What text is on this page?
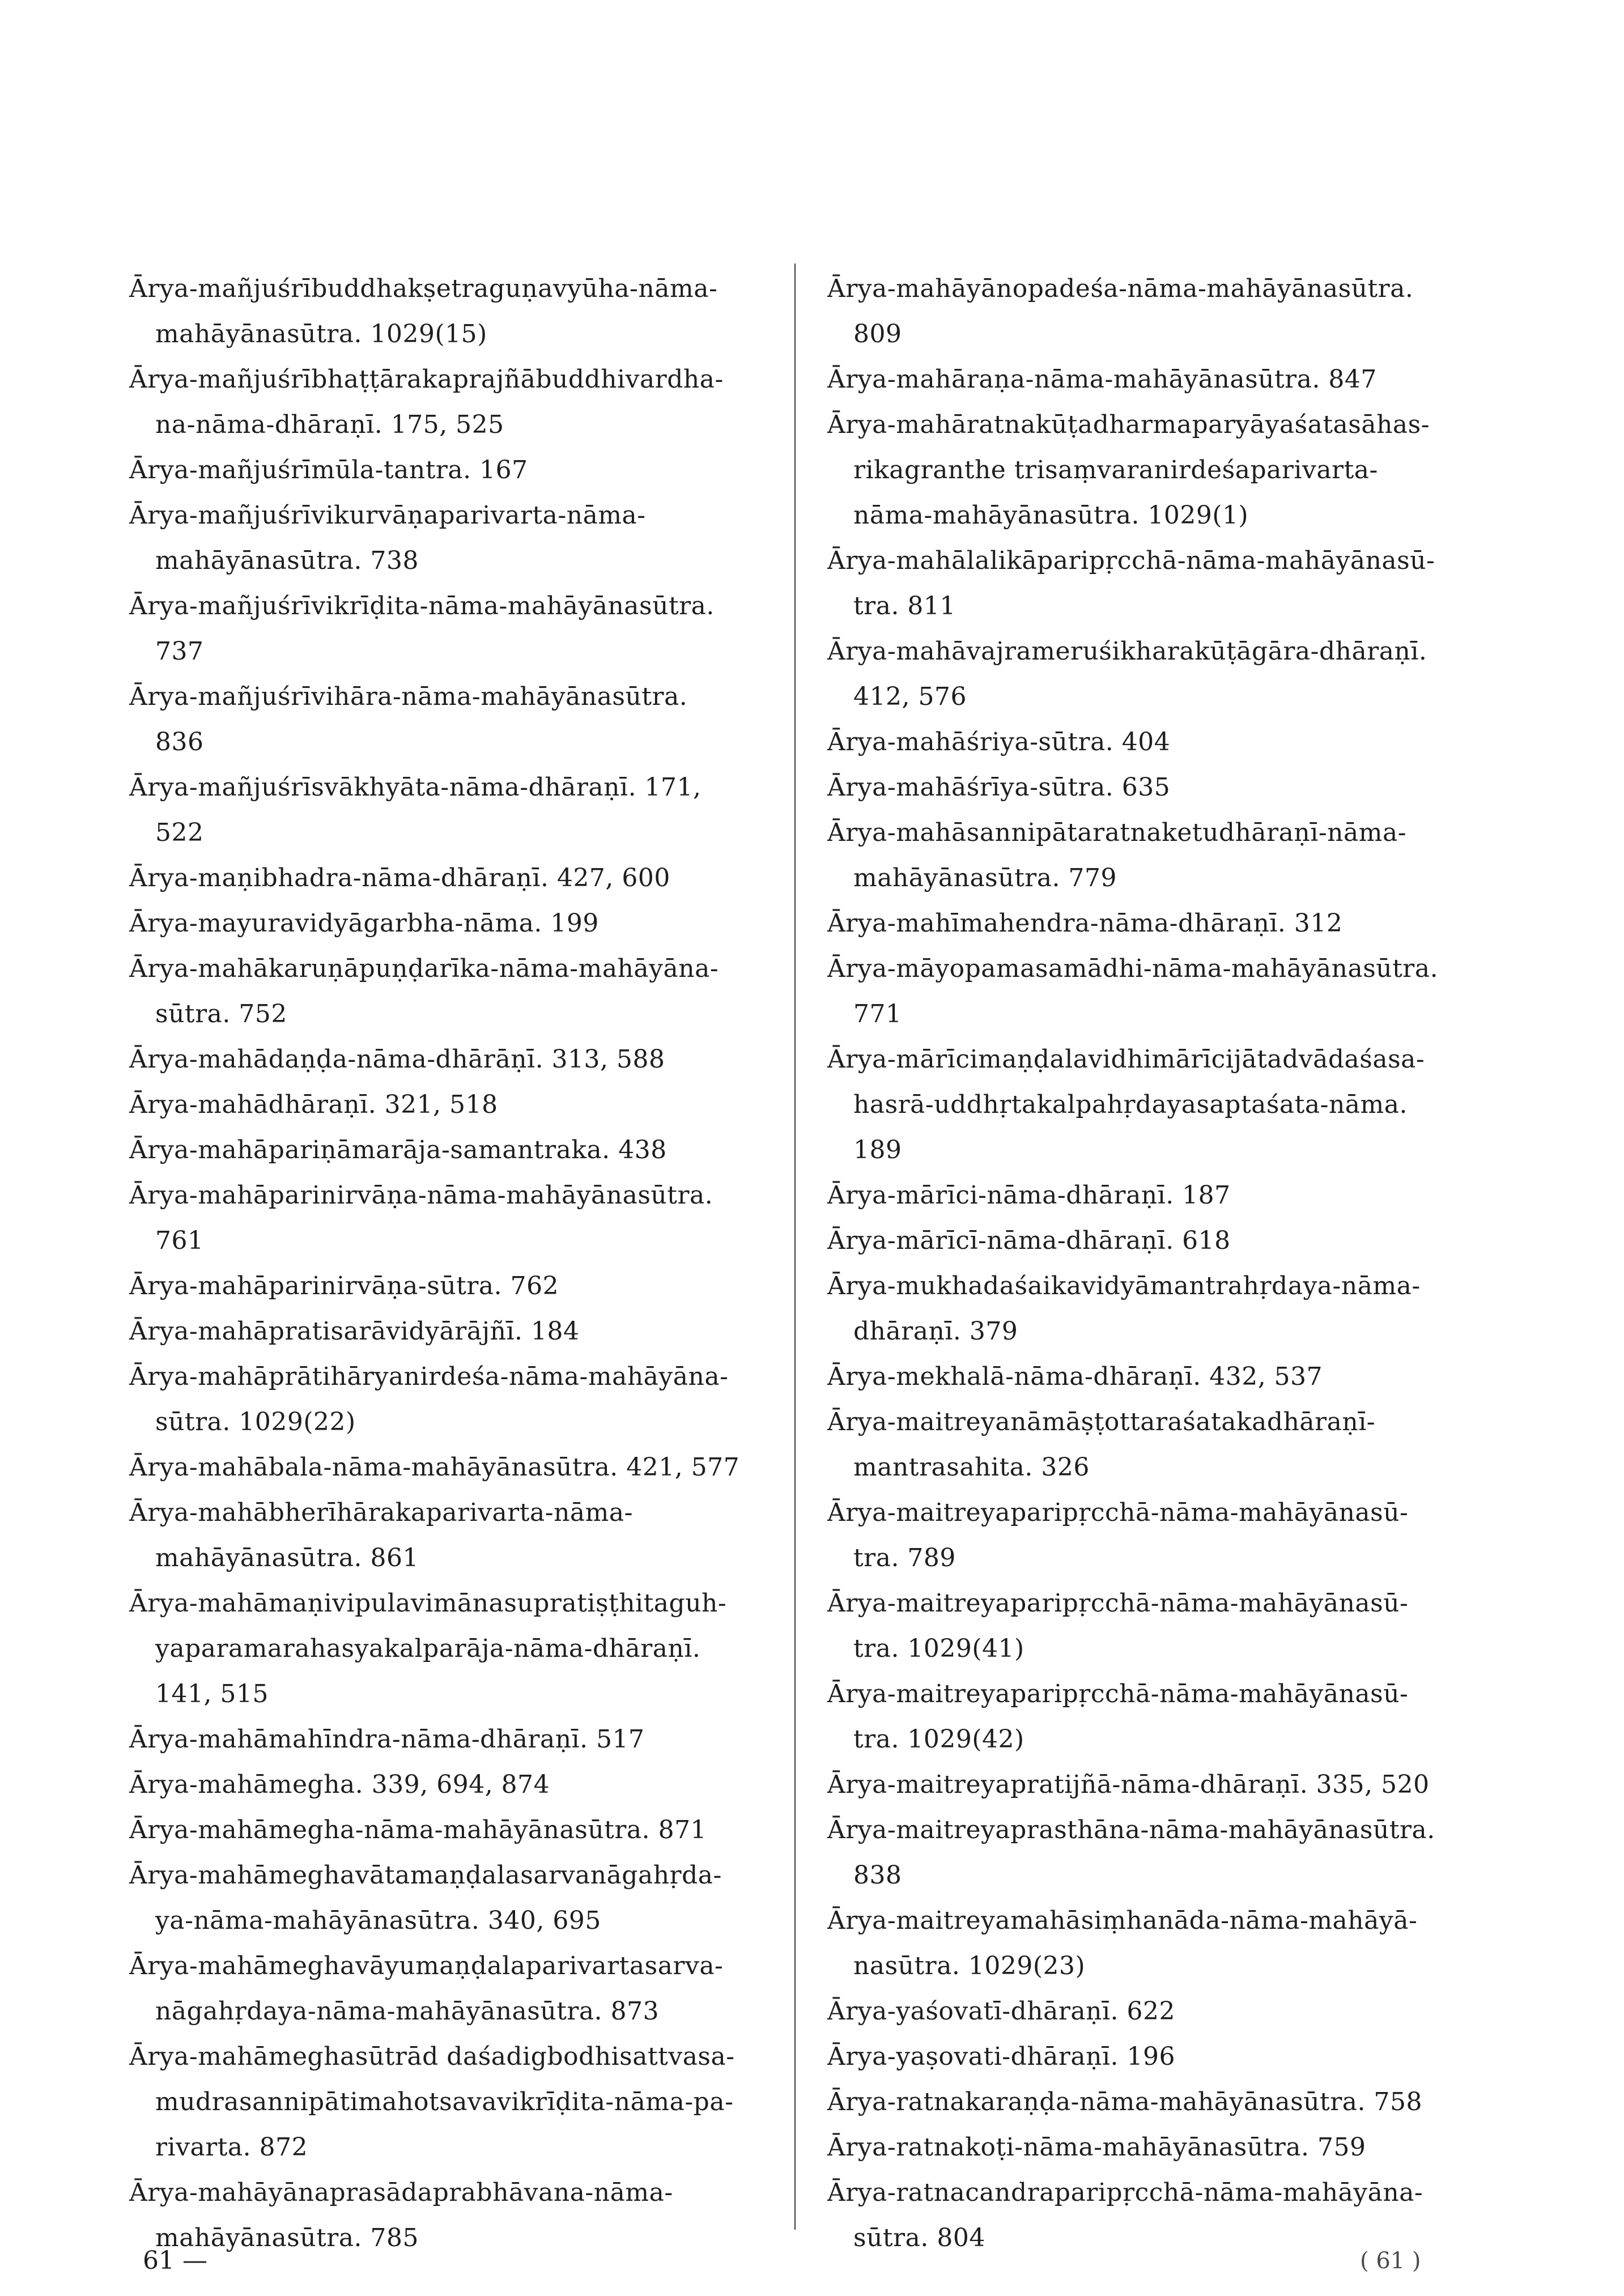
Ārya-mañjuśrībuddhakṣetraguṇavyūha-nāma-
mahāyānasūtra. 1029(15)
Ārya-mañjuśrībhaṭṭārakaprajñābuddhivardha-
na-nāma-dhāraṇī. 175, 525
Ārya-mañjuśrīmūla-tantra. 167
Ārya-mañjuśrīvikurvāṇaparivarta-nāma-
mahāyānasūtra. 738
Ārya-mañjuśrīvikrīḍita-nāma-mahāyānasūtra.
737
Ārya-mañjuśrīvihāra-nāma-mahāyānasūtra.
836
Ārya-mañjuśrīsvākhyāta-nāma-dhāraṇī. 171,
522
Ārya-maṇibhadra-nāma-dhāraṇī. 427, 600
Ārya-mayuravidyāgarbha-nāma. 199
Ārya-mahākaruṇāpuṇḍarīka-nāma-mahāyāna-
sūtra. 752
Ārya-mahādaṇḍa-nāma-dhārāṇī. 313, 588
Ārya-mahādhāraṇī. 321, 518
Ārya-mahāpariṇāmarāja-samantraka. 438
Ārya-mahāparinirvāṇa-nāma-mahāyānasūtra.
761
Ārya-mahāparinirvāṇa-sūtra. 762
Ārya-mahāpratisarāvidyārājñī. 184
Ārya-mahāprātihāryanirdeśa-nāma-mahāyāna-
sūtra. 1029(22)
Ārya-mahābala-nāma-mahāyānasūtra. 421, 577
Ārya-mahābherīhārakaparivarta-nāma-
mahāyānasūtra. 861
Ārya-mahāmaṇivipulavimānasupratiṣṭhitaguh-
yaparamarahasyakalparāja-nāma-dhāraṇī.
141, 515
Ārya-mahāmahīndra-nāma-dhāraṇī. 517
Ārya-mahāmegha. 339, 694, 874
Ārya-mahāmegha-nāma-mahāyānasūtra. 871
Ārya-mahāmeghavātamaṇḍalasarvanāgahṛda-
ya-nāma-mahāyānasūtra. 340, 695
Ārya-mahāmeghavāyumaṇḍalaparivartasarva-
nāgahṛdaya-nāma-mahāyānasūtra. 873
Ārya-mahāmeghasūtrād daśadigbodhisattvasa-
mudrasannipātimahotsavavikrīḍita-nāma-pa-
rivarta. 872
Ārya-mahāyānaprasādaprabhāvana-nāma-
mahāyānasūtra. 785
Ārya-mahāyānopadeśa-nāma-mahāyānasūtra.
809
Ārya-mahāraṇa-nāma-mahāyānasūtra. 847
Ārya-mahāratnakūṭadharmaparyāyaśatasāhas-
rikagranthe trisaṃvaranirdeśaparivarta-
nāma-mahāyānasūtra. 1029(1)
Ārya-mahālalikāparipṛcchā-nāma-mahāyānasū-
tra. 811
Ārya-mahāvajrameruśikharakūṭāgāra-dhāraṇī.
412, 576
Ārya-mahāśriya-sūtra. 404
Ārya-mahāśrīya-sūtra. 635
Ārya-mahāsannipātaratnaketudhāraṇī-nāma-
mahāyānasūtra. 779
Ārya-mahīmahendra-nāma-dhāraṇī. 312
Ārya-māyopamasamādhi-nāma-mahāyānasūtra.
771
Ārya-mārīcimaṇḍalavidhimārīcijātadvādaśasa-
hasrā-uddhṛtakalpahṛdayasaptaśata-nāma.
189
Ārya-mārīci-nāma-dhāraṇī. 187
Ārya-mārīcī-nāma-dhāraṇī. 618
Ārya-mukhadaśaikavidyāmantrahṛdaya-nāma-
dhāraṇī. 379
Ārya-mekhalā-nāma-dhāraṇī. 432, 537
Ārya-maitreyanāmāṣṭottaraśatakadhāraṇī-
mantrasahita. 326
Ārya-maitreyaparipṛcchā-nāma-mahāyānasū-
tra. 789
Ārya-maitreyaparipṛcchā-nāma-mahāyānasū-
tra. 1029(41)
Ārya-maitreyaparipṛcchā-nāma-mahāyānasū-
tra. 1029(42)
Ārya-maitreyapratijñā-nāma-dhāraṇī. 335, 520
Ārya-maitreyaprasthāna-nāma-mahāyānasūtra.
838
Ārya-maitreyamahāsiṃhanāda-nāma-mahāyā-
nasūtra. 1029(23)
Ārya-yaśovatī-dhāraṇī. 622
Ārya-yaṣovati-dhāraṇī. 196
Ārya-ratnakaraṇḍa-nāma-mahāyānasūtra. 758
Ārya-ratnakoṭi-nāma-mahāyānasūtra. 759
Ārya-ratnacandraparipṛcchā-nāma-mahāyāna-
sūtra. 804
61 —	( 61 )
